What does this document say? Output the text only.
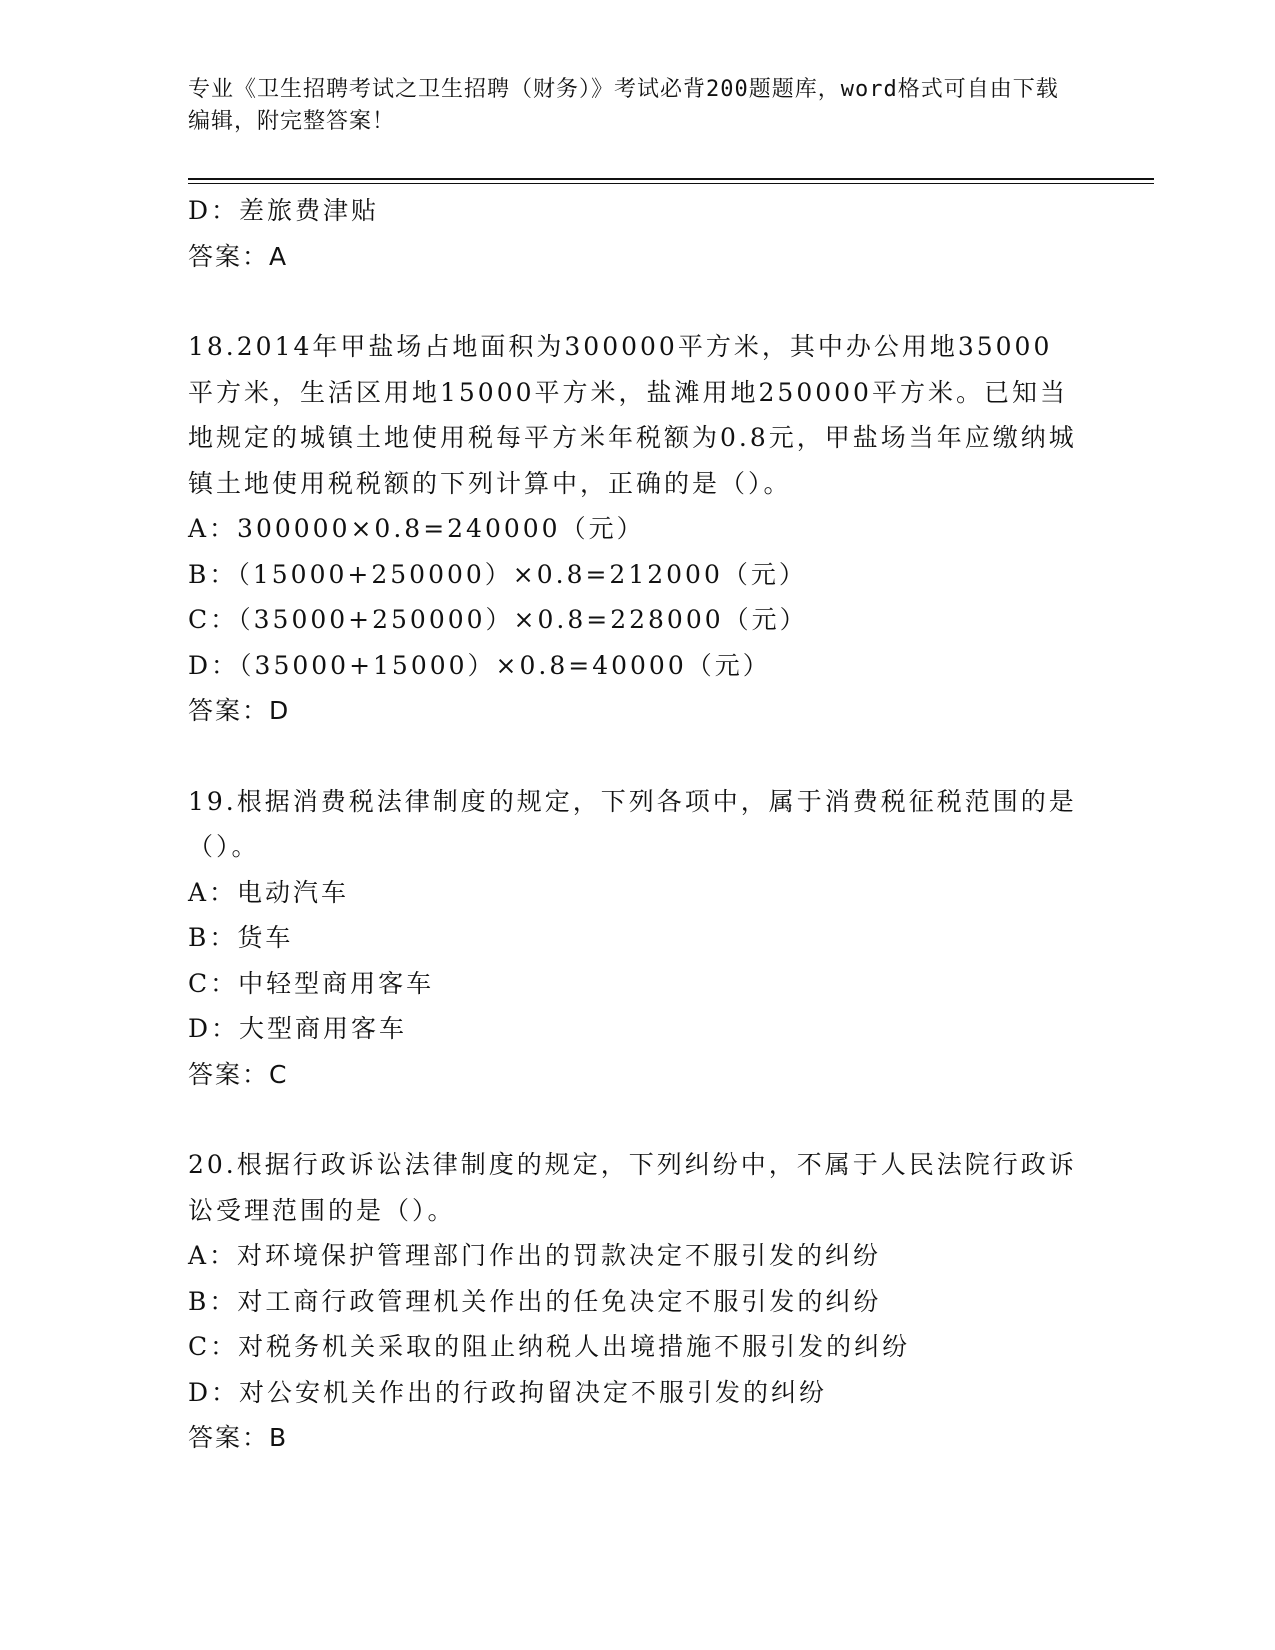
专业《卫生招聘考试之卫生招聘（财务）》考试必背200题题库，word格式可自由下载编辑，附完整答案！
D：差旅费津贴
答案：A
18.2014年甲盐场占地面积为300000平方米，其中办公用地35000平方米，生活区用地15000平方米，盐滩用地250000平方米。已知当地规定的城镇土地使用税每平方米年税额为0.8元，甲盐场当年应缴纳城镇土地使用税税额的下列计算中，正确的是（）。
A：300000×0.8=240000（元）
B：（15000+250000）×0.8=212000（元）
C：（35000+250000）×0.8=228000（元）
D：（35000+15000）×0.8=40000（元）
答案：D
19.根据消费税法律制度的规定，下列各项中，属于消费税征税范围的是（）。
A：电动汽车
B：货车
C：中轻型商用客车
D：大型商用客车
答案：C
20.根据行政诉讼法律制度的规定，下列纠纷中，不属于人民法院行政诉讼受理范围的是（）。
A：对环境保护管理部门作出的罚款决定不服引发的纠纷
B：对工商行政管理机关作出的任免决定不服引发的纠纷
C：对税务机关采取的阻止纳税人出境措施不服引发的纠纷
D：对公安机关作出的行政拘留决定不服引发的纠纷
答案：B
